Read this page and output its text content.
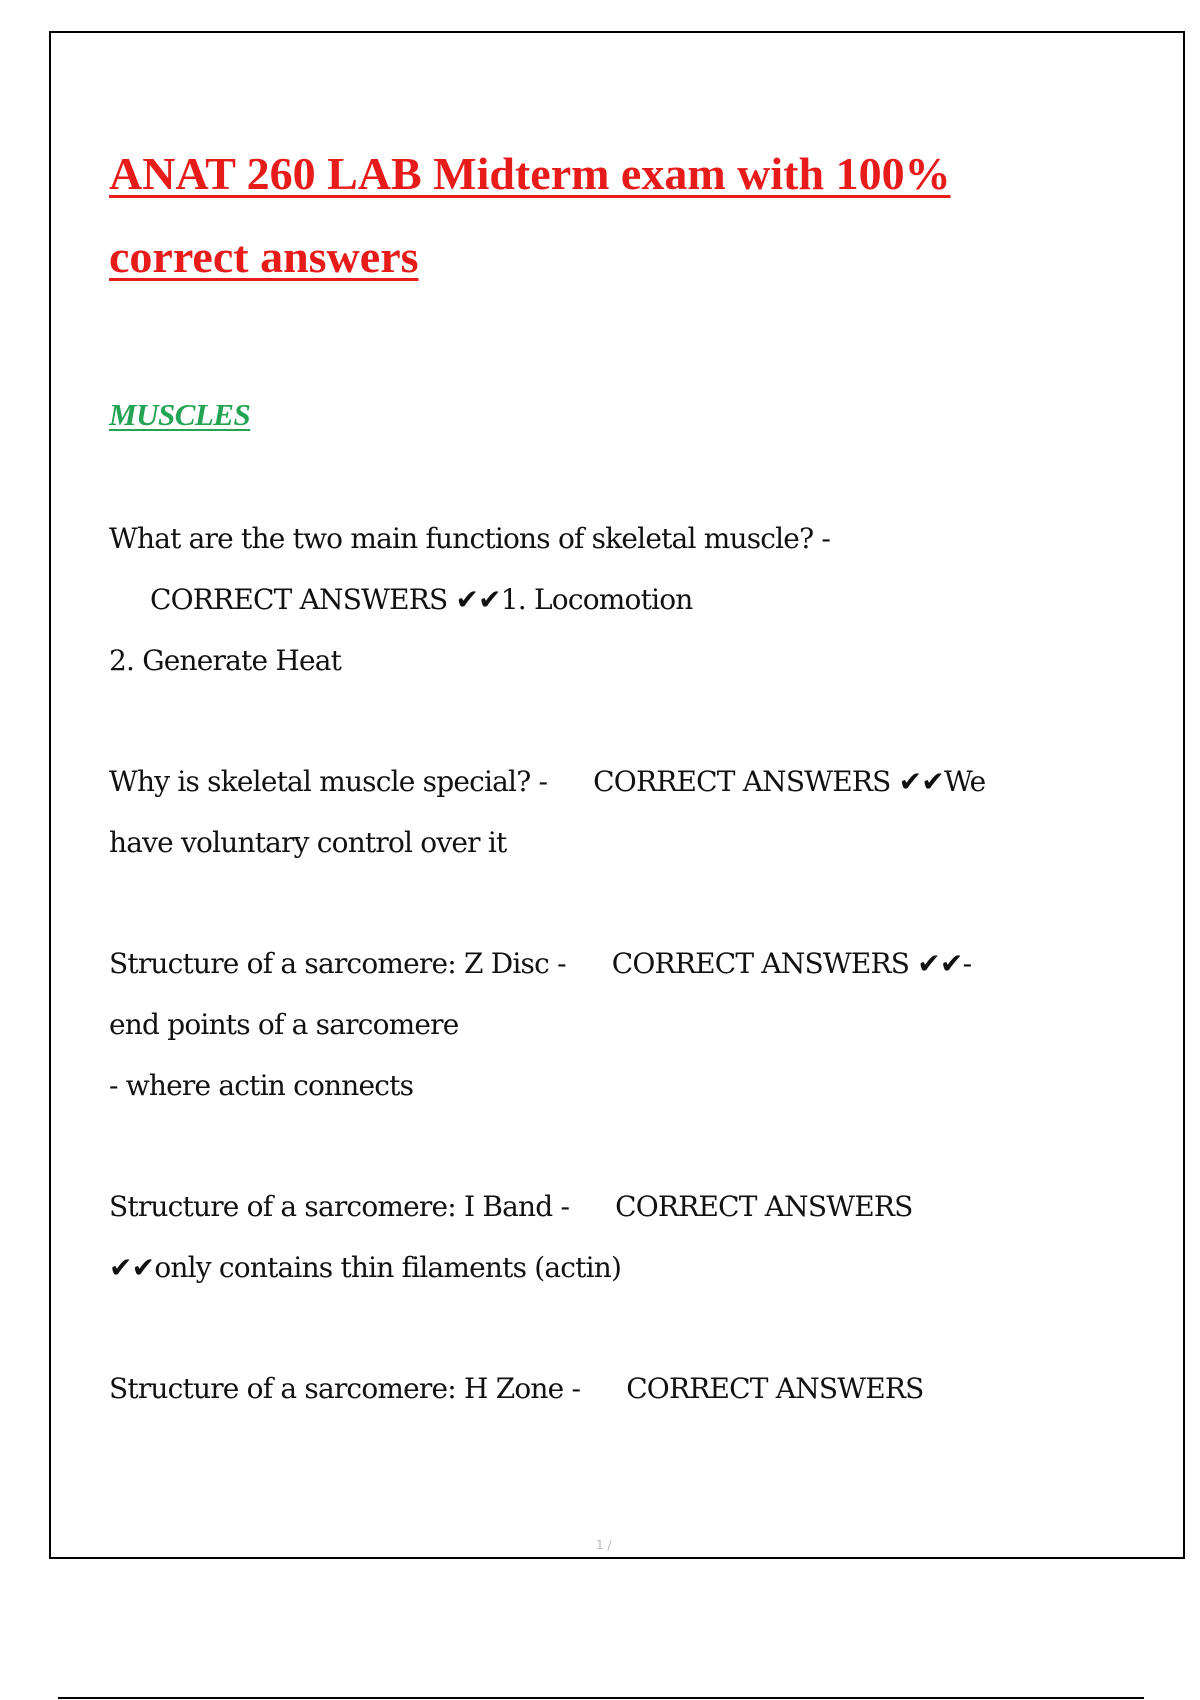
ANAT 260 LAB Midterm exam with 100%
correct answers
MUSCLES
What are the two main functions of skeletal muscle? -
CORRECT ANSWERS ✔✔1. Locomotion
2. Generate Heat
Why is skeletal muscle special? - CORRECT ANSWERS ✔✔We
have voluntary control over it
Structure of a sarcomere: Z Disc - CORRECT ANSWERS ✔✔-
end points of a sarcomere
- where actin connects
Structure of a sarcomere: I Band - CORRECT ANSWERS
✔✔only contains thin filaments (actin)
Structure of a sarcomere: H Zone - CORRECT ANSWERS
1 /
